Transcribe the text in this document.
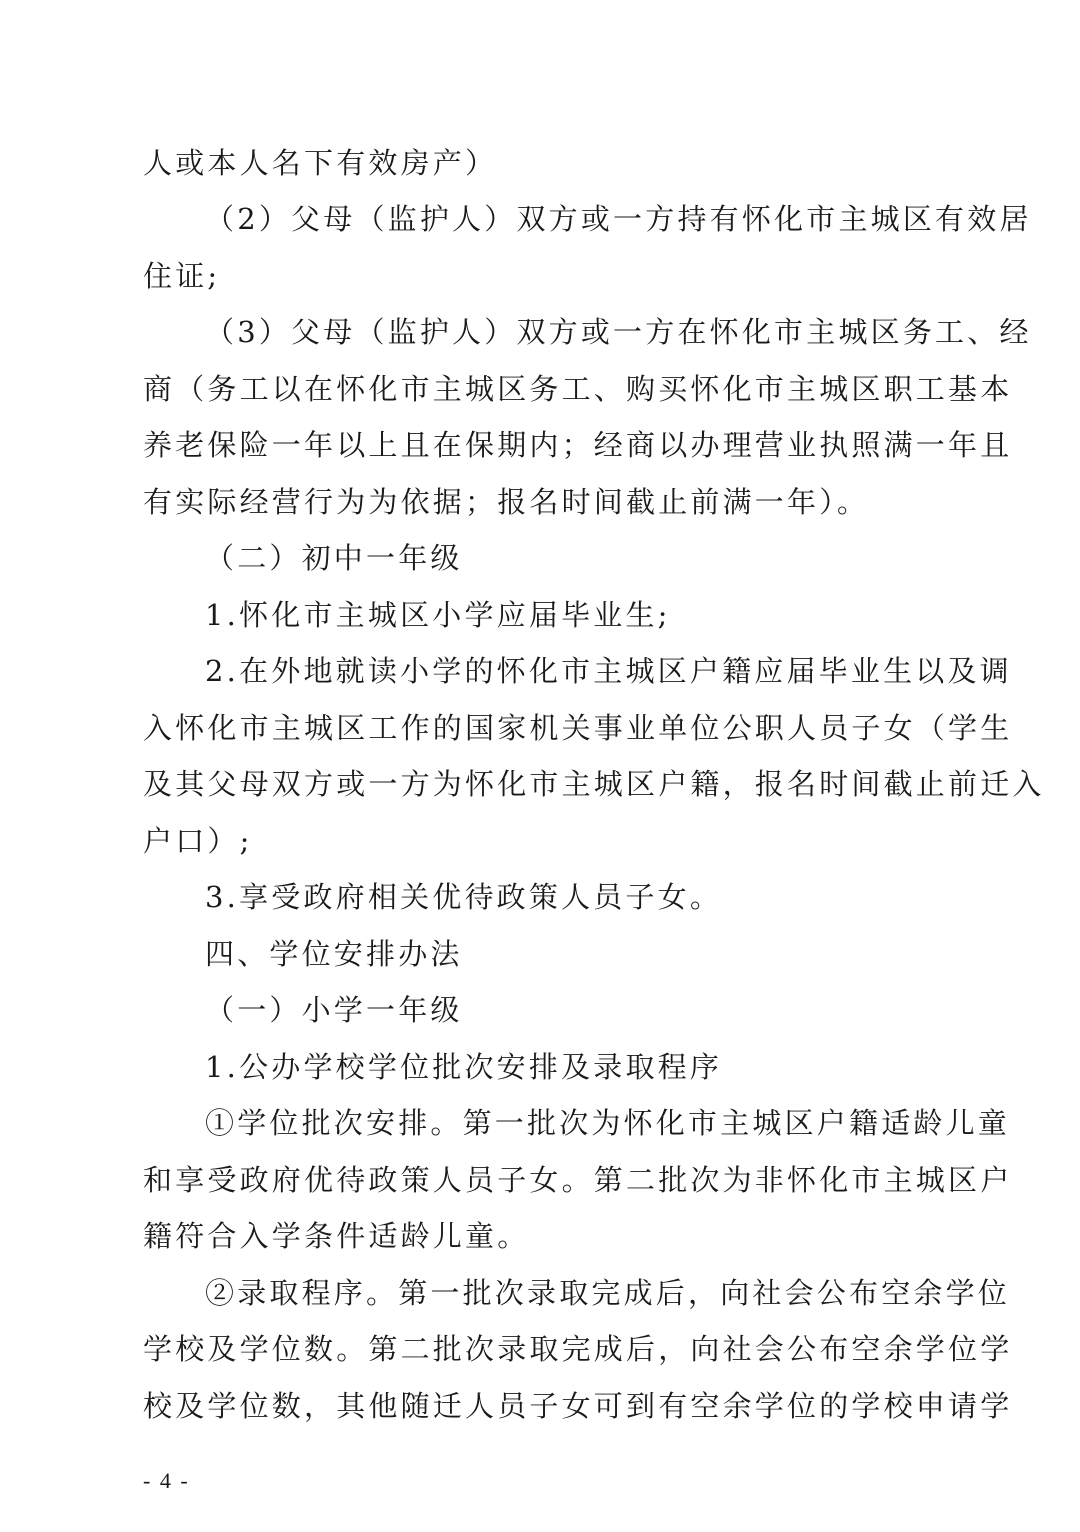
人或本人名下有效房产）
（2）父母（监护人）双方或一方持有怀化市主城区有效居
住证;
（3）父母（监护人）双方或一方在怀化市主城区务工、经
商（务工以在怀化市主城区务工、购买怀化市主城区职工基本
养老保险一年以上且在保期内；经商以办理营业执照满一年且
有实际经营行为为依据；报名时间截止前满一年）。
（二）初中一年级
1.怀化市主城区小学应届毕业生;
2.在外地就读小学的怀化市主城区户籍应届毕业生以及调
入怀化市主城区工作的国家机关事业单位公职人员子女（学生
及其父母双方或一方为怀化市主城区户籍，报名时间截止前迁入
户口）;
3.享受政府相关优待政策人员子女。
四、学位安排办法
（一）小学一年级
1.公办学校学位批次安排及录取程序
①学位批次安排。第一批次为怀化市主城区户籍适龄儿童
和享受政府优待政策人员子女。第二批次为非怀化市主城区户
籍符合入学条件适龄儿童。
②录取程序。第一批次录取完成后，向社会公布空余学位
学校及学位数。第二批次录取完成后，向社会公布空余学位学
校及学位数，其他随迁人员子女可到有空余学位的学校申请学
- 4 -
